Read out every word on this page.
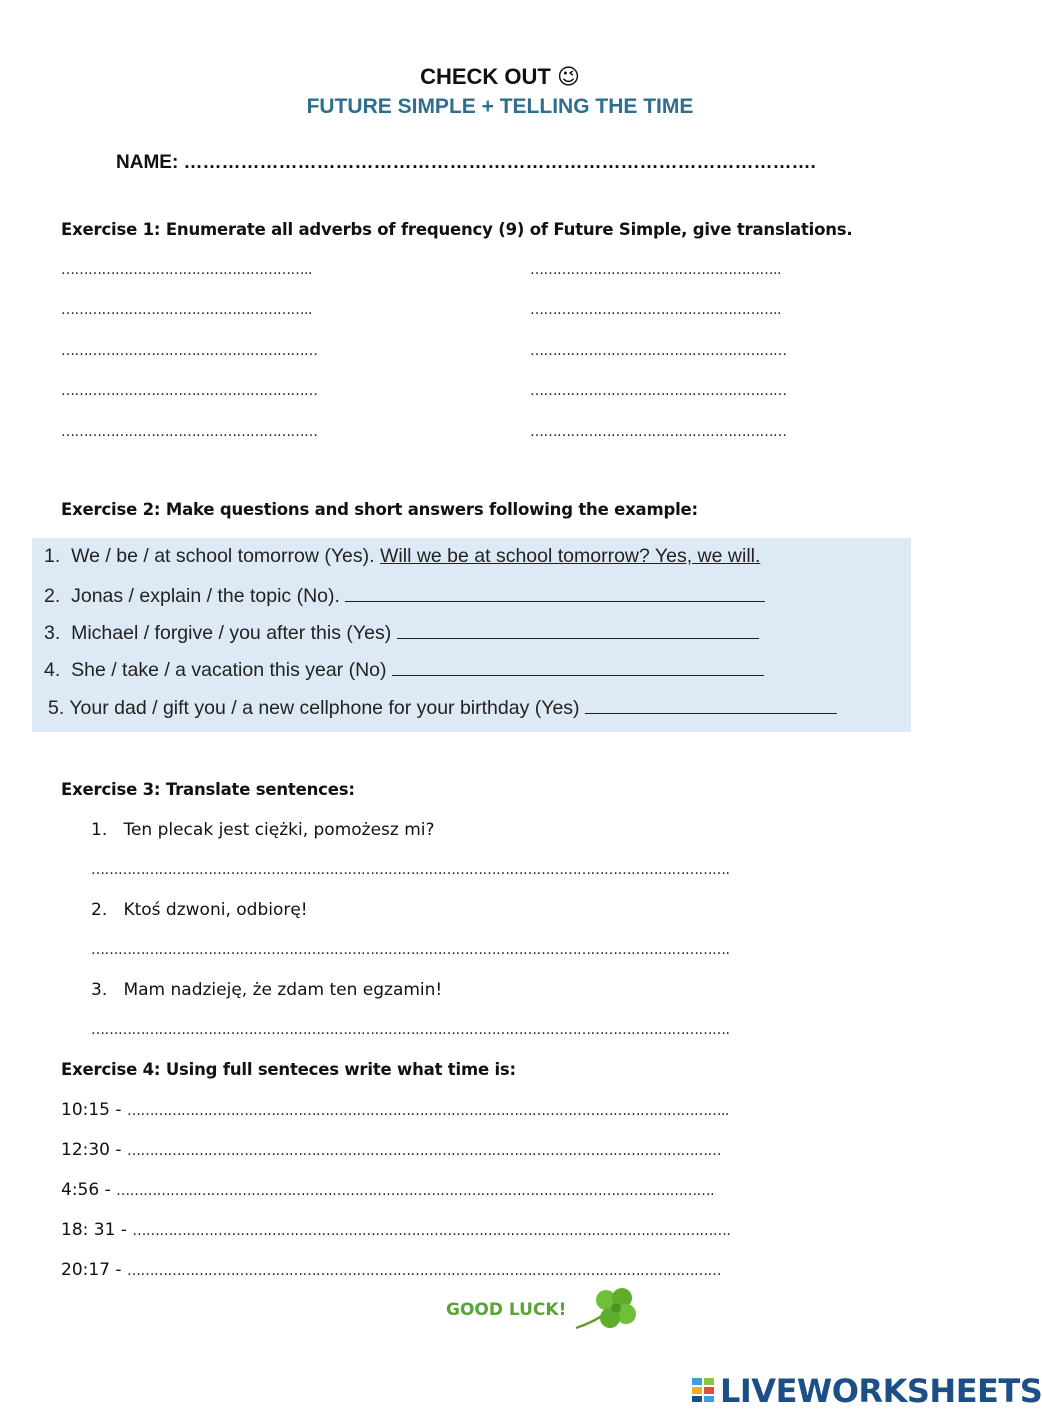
CHECK OUT 😉
FUTURE SIMPLE + TELLING THE TIME
NAME: ……………………………………………………………………………………….
Exercise 1: Enumerate all adverbs of frequency (9) of Future Simple, give translations.
………………………………………………..
………………………………………………..
…………………………………………………
…………………………………………………
…………………………………………………
………………………………………………..
………………………………………………..
…………………………………………………
…………………………………………………
…………………………………………………
Exercise 2: Make questions and short answers following the example:
1. We / be / at school tomorrow (Yes). Will we be at school tomorrow? Yes, we will.
2. Jonas / explain / the topic (No).
3. Michael / forgive / you after this (Yes)
4. She / take / a vacation this year (No)
5. Your dad / gift you / a new cellphone for your birthday (Yes)
Exercise 3: Translate sentences:
1. Ten plecak jest ciężki, pomożesz mi?
…………………………………………………………………………………………………………………………….
2. Ktoś dzwoni, odbiorę!
…………………………………………………………………………………………………………………………….
3. Mam nadzieję, że zdam ten egzamin!
…………………………………………………………………………………………………………………………….
Exercise 4: Using full senteces write what time is:
10:15 - ……………………………………………………………………………………………………………………..
12:30 - ……………………………………………………………………………………………………………………
4:56 - …………………………………………………………………………………………………………………….
18: 31 - …………………………………………………………………………………………………………………….
20:17 - ……………………………………………………………………………………………………………………
GOOD LUCK!
LIVEWORKSHEETS
